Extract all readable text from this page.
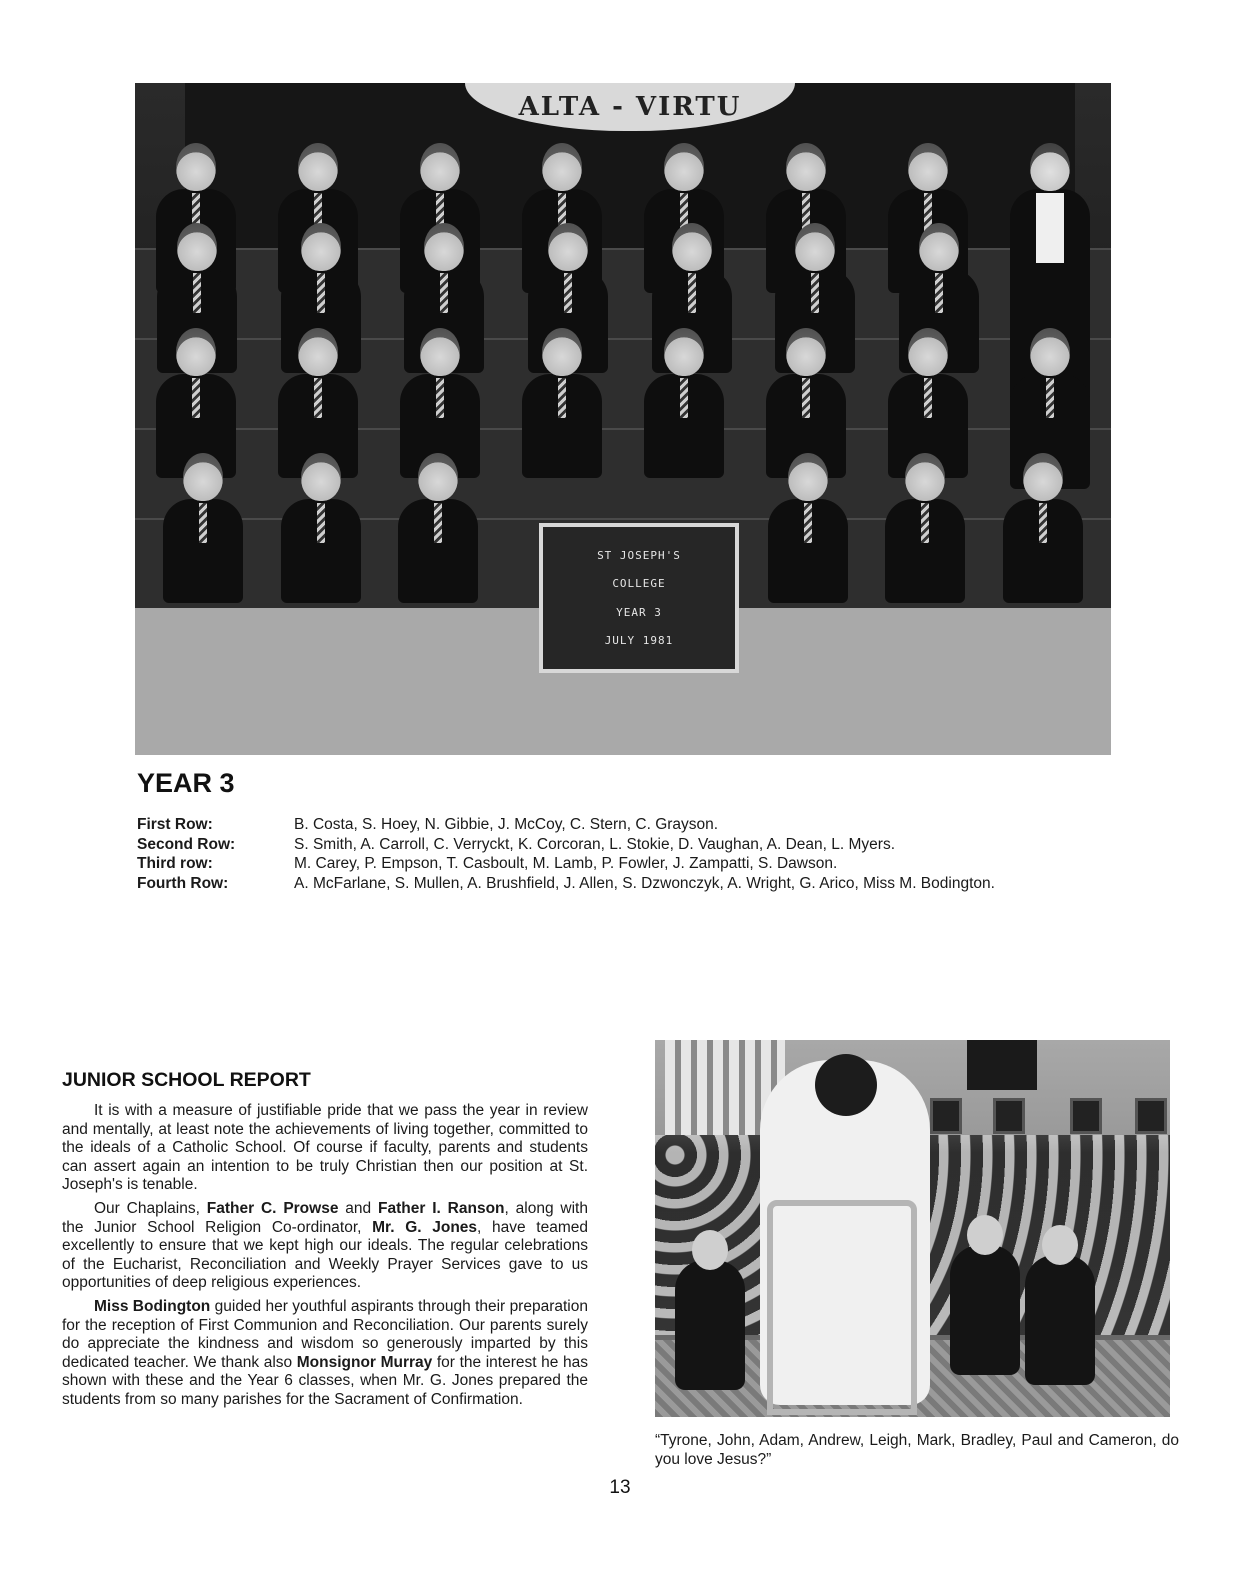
ALTA - VIRTU
ST JOSEPH'S
COLLEGE
YEAR 3
JULY 1981
YEAR 3
First Row:	B. Costa, S. Hoey, N. Gibbie, J. McCoy, C. Stern, C. Grayson.
Second Row:	S. Smith, A. Carroll, C. Verryckt, K. Corcoran, L. Stokie, D. Vaughan, A. Dean, L. Myers.
Third row:	M. Carey, P. Empson, T. Casboult, M. Lamb, P. Fowler, J. Zampatti, S. Dawson.
Fourth Row:	A. McFarlane, S. Mullen, A. Brushfield, J. Allen, S. Dzwonczyk, A. Wright, G. Arico, Miss M. Bodington.
JUNIOR SCHOOL REPORT

It is with a measure of justifiable pride that we pass the year in review and mentally, at least note the achievements of living together, committed to the ideals of a Catholic School. Of course if faculty, parents and students can assert again an intention to be truly Christian then our position at St. Joseph's is tenable.

Our Chaplains, Father C. Prowse and Father I. Ranson, along with the Junior School Religion Co-ordinator, Mr. G. Jones, have teamed excellently to ensure that we kept high our ideals. The regular celebrations of the Eucharist, Reconciliation and Weekly Prayer Services gave to us opportunities of deep religious experiences.

Miss Bodington guided her youthful aspirants through their preparation for the reception of First Communion and Reconciliation. Our parents surely do appreciate the kindness and wisdom so generously imparted by this dedicated teacher. We thank also Monsignor Murray for the interest he has shown with these and the Year 6 classes, when Mr. G. Jones prepared the students from so many parishes for the Sacrament of Confirmation.

“Tyrone, John, Adam, Andrew, Leigh, Mark, Bradley, Paul and Cameron, do you love Jesus?”

13
